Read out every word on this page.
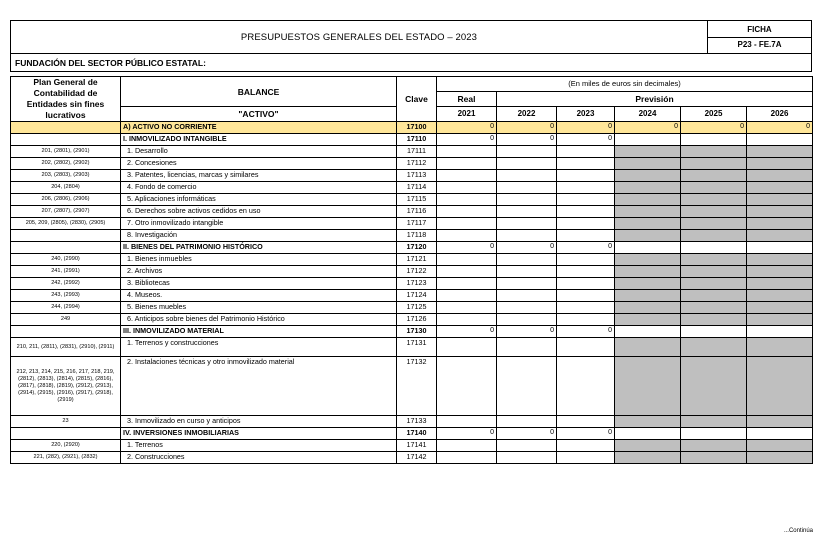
PRESUPUESTOS GENERALES DEL ESTADO – 2023	FICHA
P23 - FE.7A

FUNDACIÓN DEL SECTOR PÚBLICO ESTATAL:
Plan General de Contabilidad de Entidades sin fines lucrativos	BALANCE	Clave	(En miles de euros sin decimales)					
			Real	Previsión				
	"ACTIVO"		2021	2022	2023	2024	2025	2026
	A) ACTIVO NO CORRIENTE	17100	0	0	0	0	0	0
	I. INMOVILIZADO INTANGIBLE	17110	0	0	0			
201, (2801), (2901)	1. Desarrollo	17111						
202, (2802), (2902)	2. Concesiones	17112						
203, (2803), (2903)	3. Patentes, licencias, marcas y similares	17113						
204, (2804)	4. Fondo de comercio	17114						
206, (2806), (2906)	5. Aplicaciones informáticas	17115						
207, (2807), (2907)	6. Derechos sobre activos cedidos en uso	17116						
205, 209, (2805), (2830), (2905)	7. Otro inmovilizado intangible	17117						
	8. Investigación	17118						
	II. BIENES DEL PATRIMONIO HISTÓRICO	17120	0	0	0			
240, (2990)	1. Bienes inmuebles	17121						
241, (2991)	2. Archivos	17122						
242, (2992)	3. Bibliotecas	17123						
243, (2993)	4. Museos.	17124						
244, (2994)	5. Bienes muebles	17125						
249	6. Anticipos sobre bienes del Patrimonio Histórico	17126						
	III. INMOVILIZADO MATERIAL	17130	0	0	0			
210, 211, (2811), (2831), (2910), (2911)	1. Terrenos y construcciones	17131						
212, 213, 214, 215, 216, 217, 218, 219, (2812), (2813), (2814), (2815), (2816), (2817), (2818), (2819), (2912), (2913), (2914), (2915), (2916), (2917), (2918), (2919)	2. Instalaciones técnicas y otro inmovilizado material	17132						
23	3. Inmovilizado en curso y anticipos	17133						
	IV. INVERSIONES INMOBILIARIAS	17140	0	0	0			
220, (2920)	1. Terrenos	17141						
221, (282), (2921), (2832)	2. Construcciones	17142						
...Continúa
